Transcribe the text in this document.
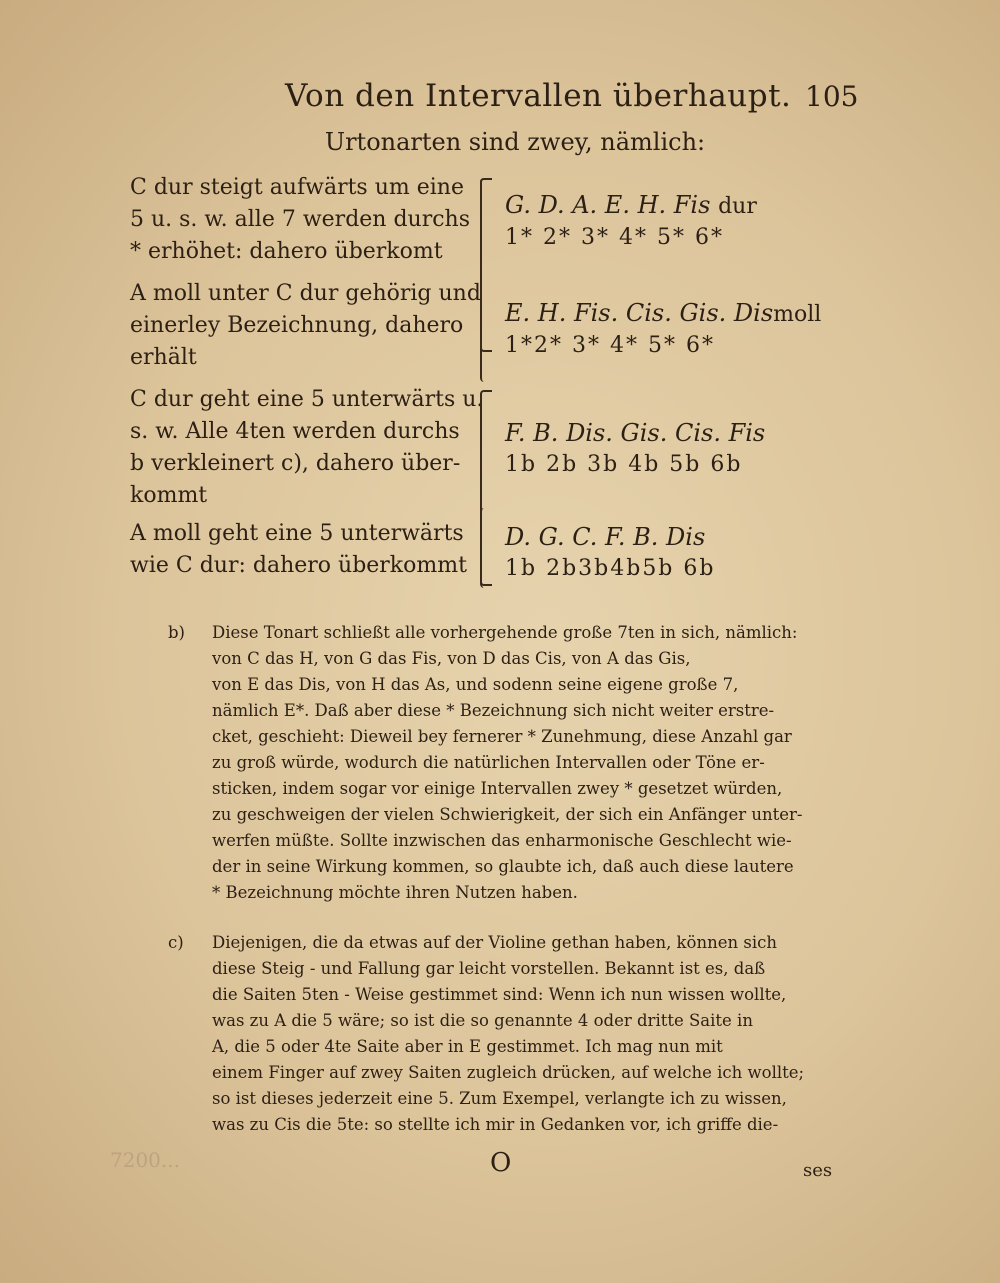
Von den Intervallen überhaupt. 105
Urtonarten sind zwey, nämlich:
C dur steigt aufwärts um eine
5 u. s. w. alle 7 werden durchs
* erhöhet: dahero überkomt
G. D. A. E. H. Fis dur
1* 2* 3* 4* 5* 6*
A moll unter C dur gehörig und
einerley Bezeichnung, dahero
erhält
E. H. Fis. Cis. Gis. Dismoll
1*2* 3* 4* 5* 6*
C dur geht eine 5 unterwärts u.
s. w. Alle 4ten werden durchs
b verkleinert c), dahero über-
kommt
F. B. Dis. Gis. Cis. Fis
1b 2b 3b 4b 5b 6b
A moll geht eine 5 unterwärts
wie C dur: dahero überkommt
D. G. C. F. B. Dis
1b 2b3b4b5b 6b
b)	Diese Tonart schließt alle vorhergehende große 7ten in sich, nämlich:
von C das H, von G das Fis, von D das Cis, von A das Gis,
von E das Dis, von H das As, und sodenn seine eigene große 7,
nämlich E*. Daß aber diese * Bezeichnung sich nicht weiter erstre-
cket, geschieht: Dieweil bey fernerer * Zunehmung, diese Anzahl gar
zu groß würde, wodurch die natürlichen Intervallen oder Töne er-
sticken, indem sogar vor einige Intervallen zwey * gesetzet würden,
zu geschweigen der vielen Schwierigkeit, der sich ein Anfänger unter-
werfen müßte. Sollte inzwischen das enharmonische Geschlecht wie-
der in seine Wirkung kommen, so glaubte ich, daß auch diese lautere
* Bezeichnung möchte ihren Nutzen haben.
c)	Diejenigen, die da etwas auf der Violine gethan haben, können sich
diese Steig - und Fallung gar leicht vorstellen. Bekannt ist es, daß
die Saiten 5ten - Weise gestimmet sind: Wenn ich nun wissen wollte,
was zu A die 5 wäre; so ist die so genannte 4 oder dritte Saite in
A, die 5 oder 4te Saite aber in E gestimmet. Ich mag nun mit
einem Finger auf zwey Saiten zugleich drücken, auf welche ich wollte;
so ist dieses jederzeit eine 5. Zum Exempel, verlangte ich zu wissen,
was zu Cis die 5te: so stellte ich mir in Gedanken vor, ich griffe die-
7200...	O	ses
